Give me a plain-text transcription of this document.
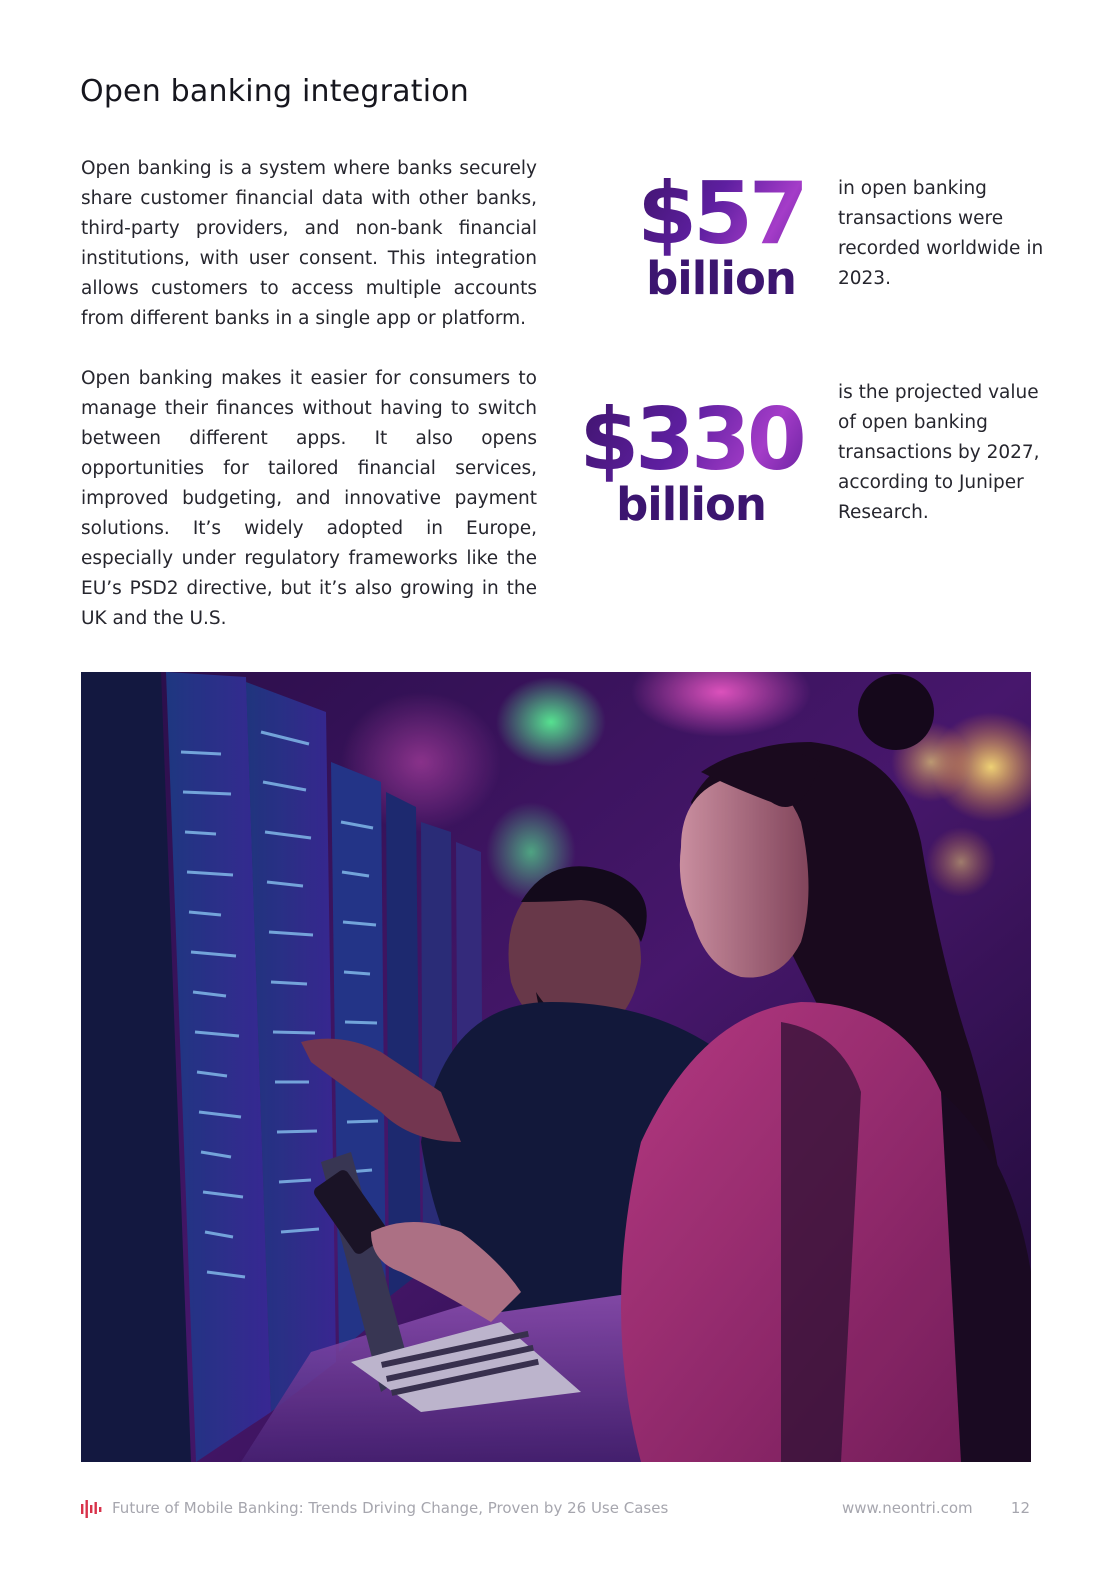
Open banking integration

Open banking is a system where banks securely share customer financial data with other banks, third-party providers, and non-bank financial institutions, with user consent. This integration allows customers to access multiple accounts from different banks in a single app or platform.

Open banking makes it easier for consumers to manage their finances without having to switch between different apps. It also opens opportunities for tailored financial services, improved budgeting, and innovative payment solutions. It’s widely adopted in Europe, especially under regulatory frameworks like the EU’s PSD2 directive, but it’s also growing in the UK and the U.S.

$57
billion

in open banking transactions were recorded worldwide in 2023.

$330
billion

is the projected value of open banking transactions by 2027, according to Juniper Research.

Future of Mobile Banking: Trends Driving Change, Proven by 26 Use Cases	www.neontri.com	12
